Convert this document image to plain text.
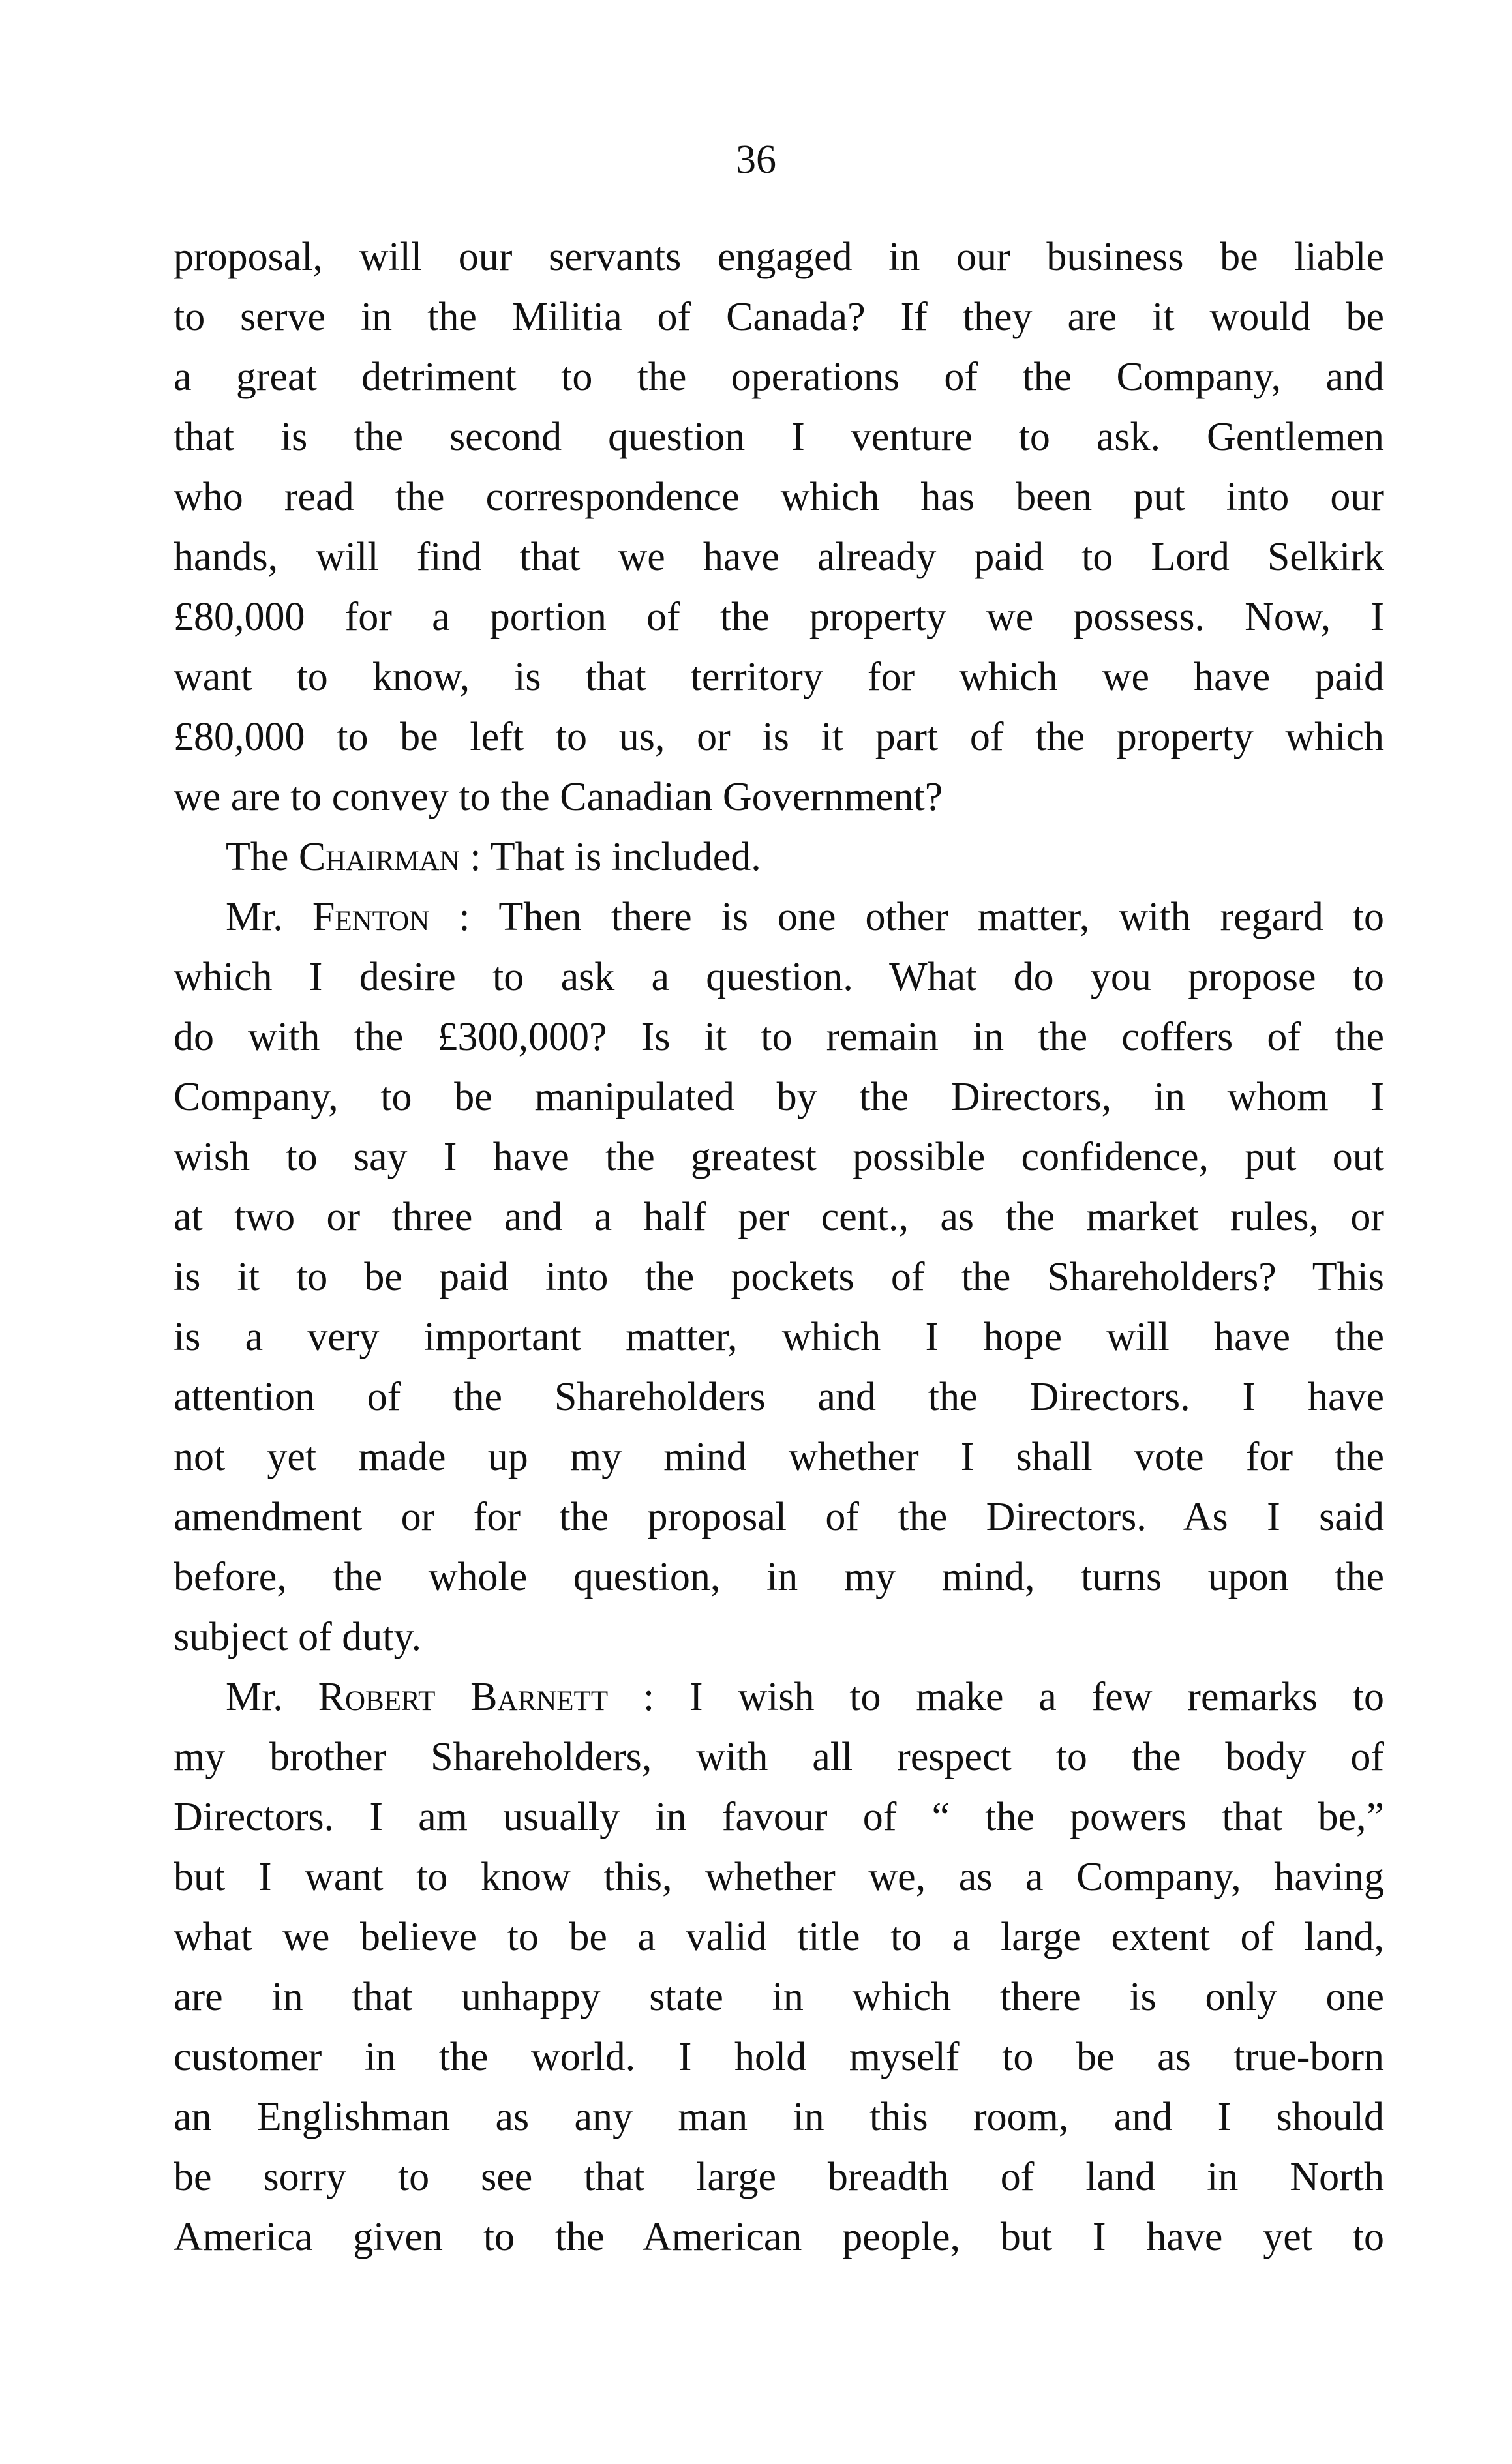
36
proposal, will our servants engaged in our business be liable
to serve in the Militia of Canada? If they are it would be
a great detriment to the operations of the Company, and
that is the second question I venture to ask. Gentlemen
who read the correspondence which has been put into our
hands, will find that we have already paid to Lord Selkirk
£80,000 for a portion of the property we possess. Now, I
want to know, is that territory for which we have paid
£80,000 to be left to us, or is it part of the property which
we are to convey to the Canadian Government?
The Chairman : That is included.
Mr. Fenton : Then there is one other matter, with regard to
which I desire to ask a question. What do you propose to
do with the £300,000? Is it to remain in the coffers of the
Company, to be manipulated by the Directors, in whom I
wish to say I have the greatest possible confidence, put out
at two or three and a half per cent., as the market rules, or
is it to be paid into the pockets of the Shareholders? This
is a very important matter, which I hope will have the
attention of the Shareholders and the Directors. I have
not yet made up my mind whether I shall vote for the
amendment or for the proposal of the Directors. As I said
before, the whole question, in my mind, turns upon the
subject of duty.
Mr. Robert Barnett : I wish to make a few remarks to
my brother Shareholders, with all respect to the body of
Directors. I am usually in favour of “ the powers that be,”
but I want to know this, whether we, as a Company, having
what we believe to be a valid title to a large extent of land,
are in that unhappy state in which there is only one
customer in the world. I hold myself to be as true-born
an Englishman as any man in this room, and I should
be sorry to see that large breadth of land in North
America given to the American people, but I have yet to
